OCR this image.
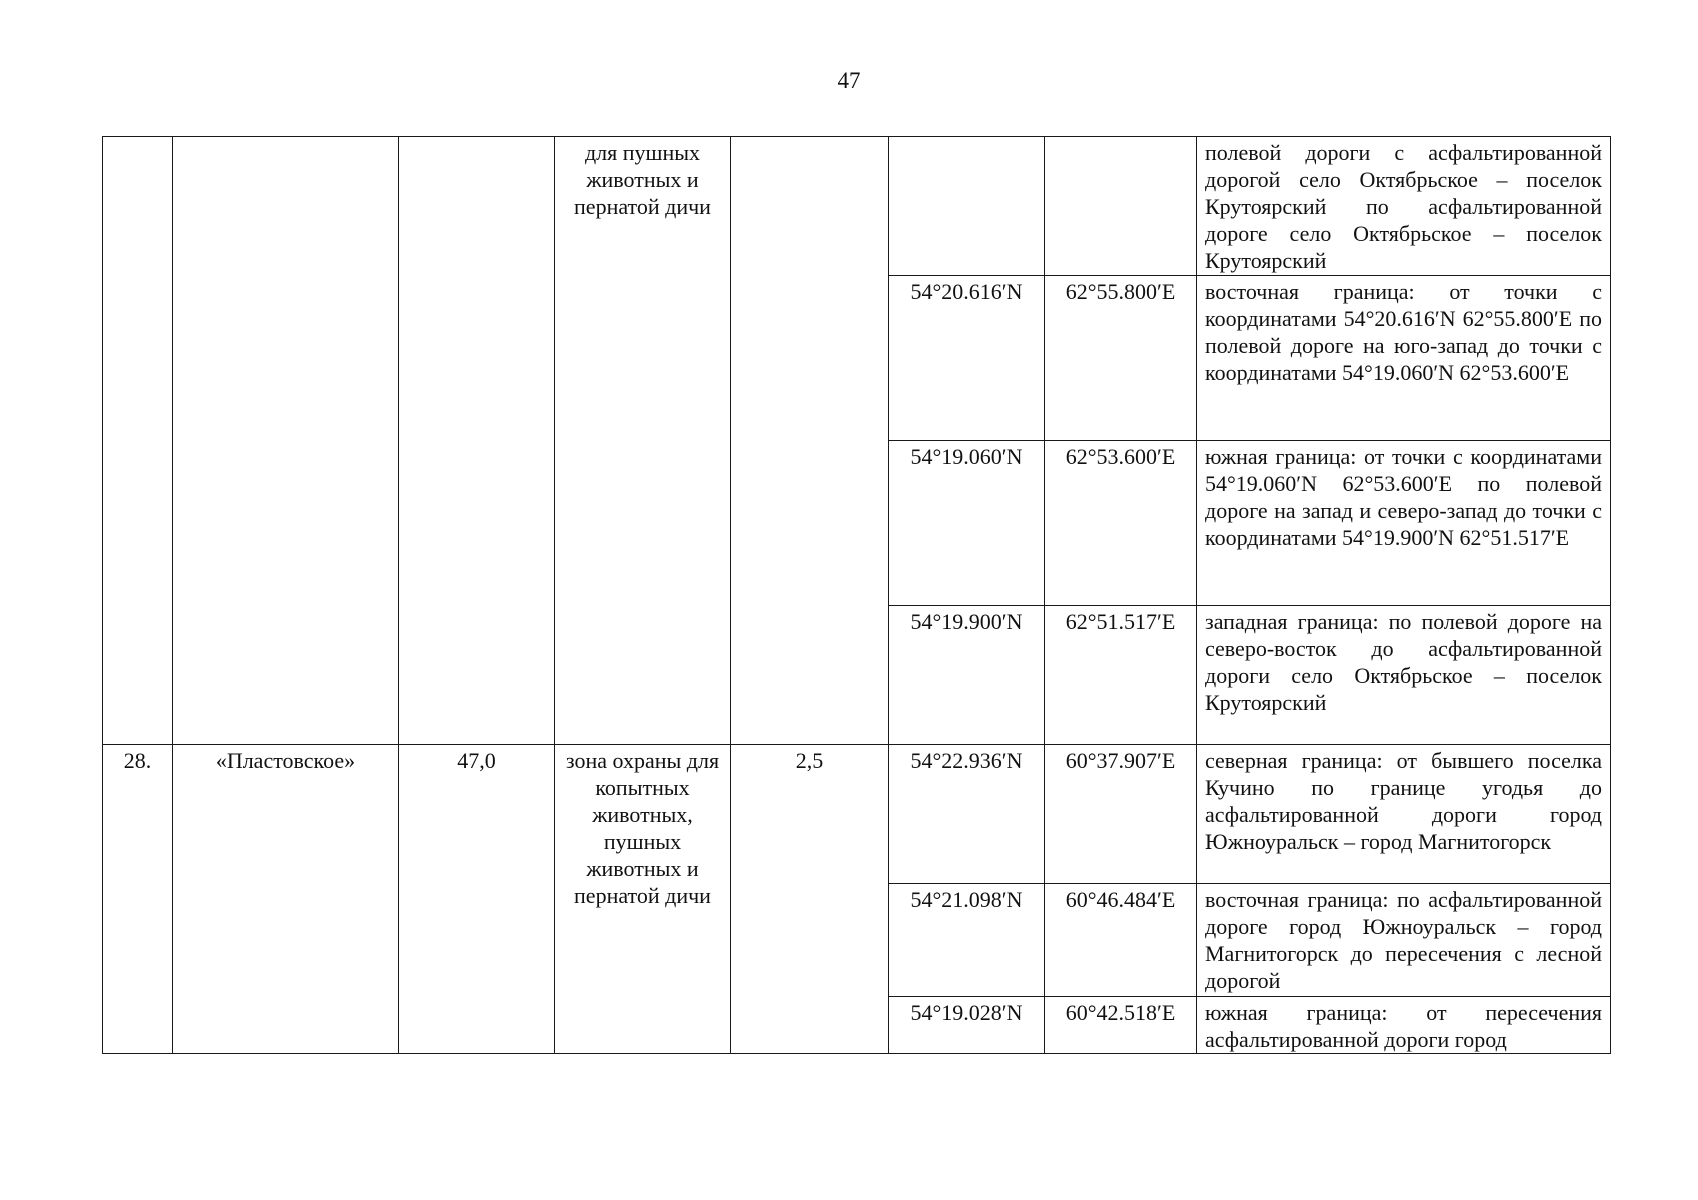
47
			для пушных животных и пернатой дичи				полевой дороги с асфальтированной дорогой село Октябрьское – поселок Крутоярский по асфальтированной дороге село Октябрьское – поселок Крутоярский
					54°20.616′N	62°55.800′E	восточная граница: от точки с координатами 54°20.616′N 62°55.800′E по полевой дороге на юго-запад до точки с координатами 54°19.060′N 62°53.600′E
					54°19.060′N	62°53.600′E	южная граница: от точки с координатами 54°19.060′N 62°53.600′E по полевой дороге на запад и северо-запад до точки с координатами 54°19.900′N 62°51.517′E
					54°19.900′N	62°51.517′E	западная граница: по полевой дороге на северо-восток до асфальтированной дороги село Октябрьское – поселок Крутоярский
28.	«Пластовское»	47,0	зона охраны для копытных животных, пушных животных и пернатой дичи	2,5	54°22.936′N	60°37.907′E	северная граница: от бывшего поселка Кучино по границе угодья до асфальтированной дороги город Южноуральск – город Магнитогорск
					54°21.098′N	60°46.484′E	восточная граница: по асфальтированной дороге город Южноуральск – город Магнитогорск до пересечения с лесной дорогой
					54°19.028′N	60°42.518′E	южная граница: от пересечения асфальтированной дороги город
